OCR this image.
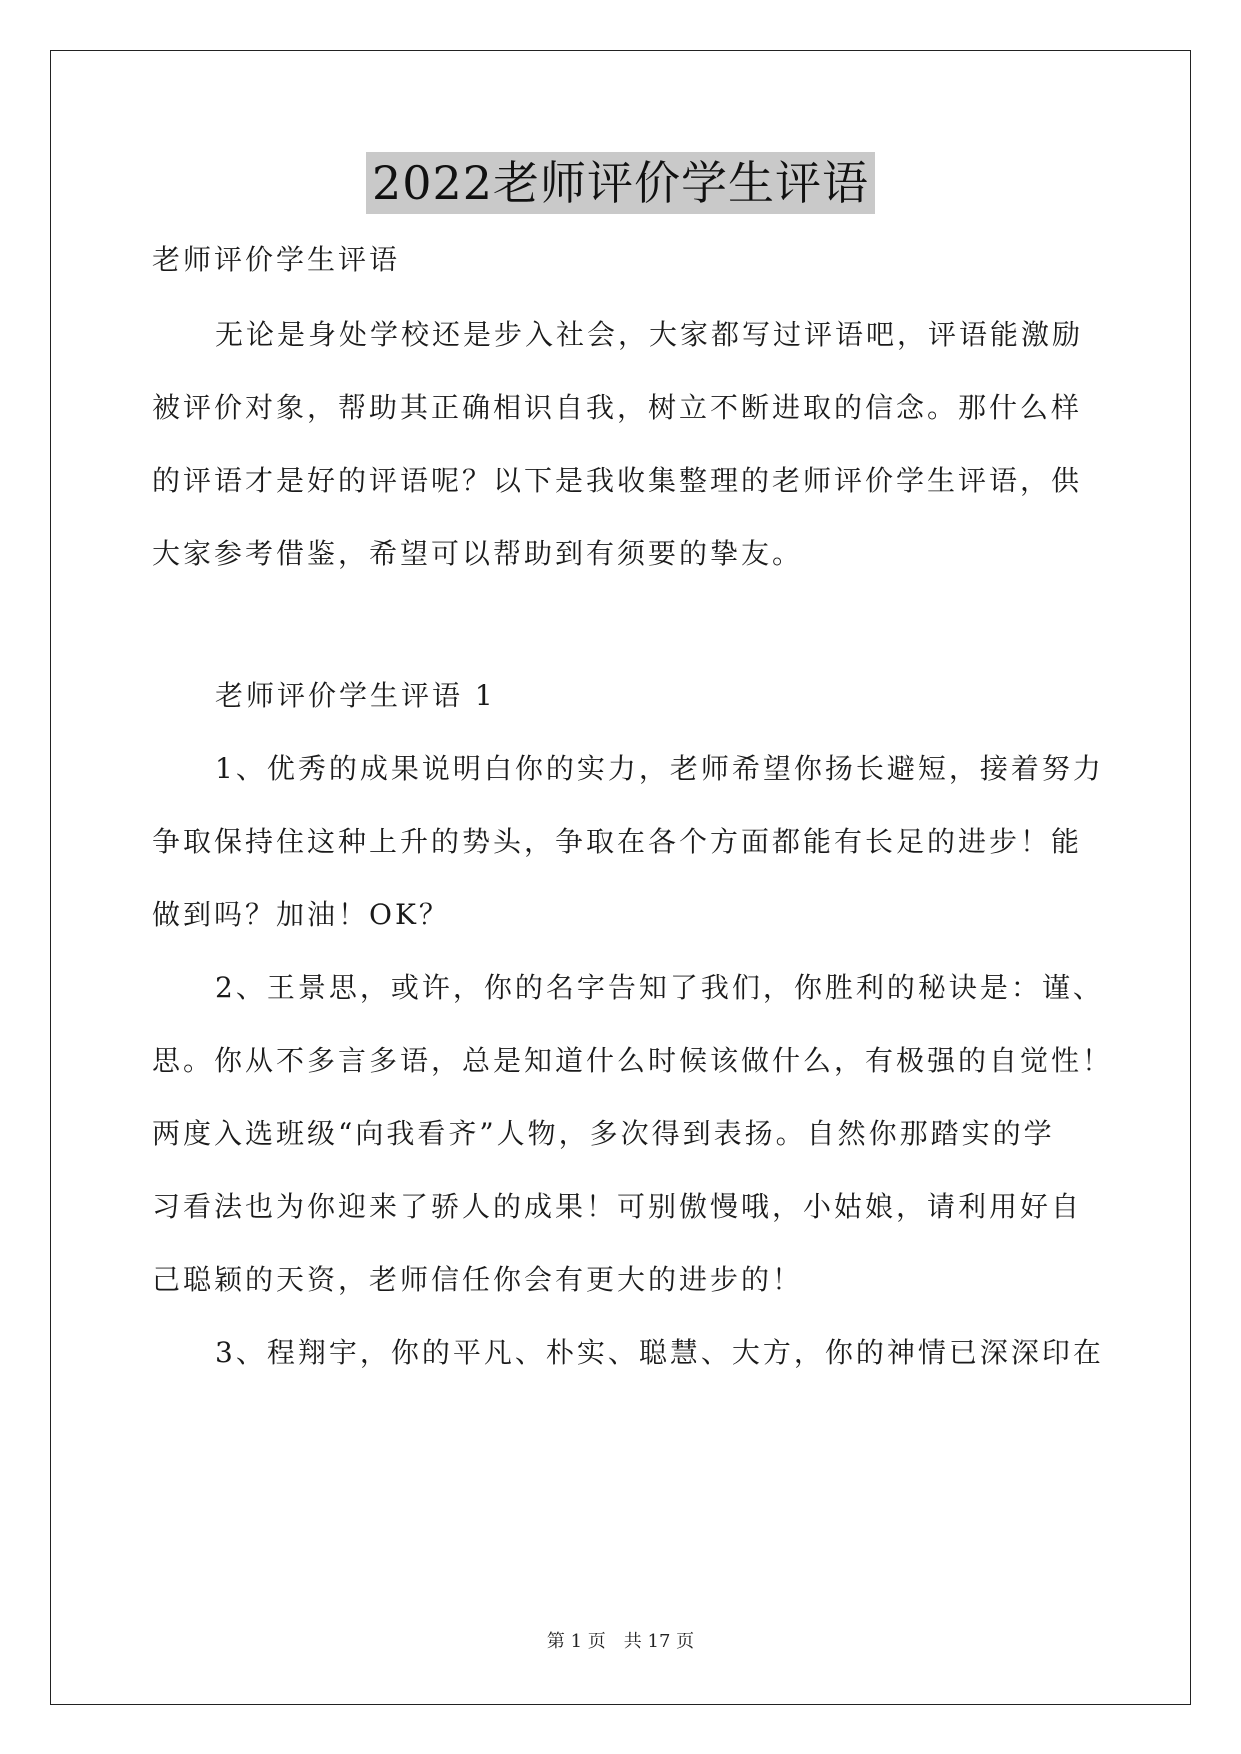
2022老师评价学生评语
老师评价学生评语
无论是身处学校还是步入社会，大家都写过评语吧，评语能激励
被评价对象，帮助其正确相识自我，树立不断进取的信念。那什么样
的评语才是好的评语呢？以下是我收集整理的老师评价学生评语，供
大家参考借鉴，希望可以帮助到有须要的挚友。
老师评价学生评语 1
1、优秀的成果说明白你的实力，老师希望你扬长避短，接着努力
争取保持住这种上升的势头，争取在各个方面都能有长足的进步！能
做到吗？加油！OK？
2、王景思，或许，你的名字告知了我们，你胜利的秘诀是：谨、
思。你从不多言多语，总是知道什么时候该做什么，有极强的自觉性！
两度入选班级“向我看齐”人物，多次得到表扬。自然你那踏实的学
习看法也为你迎来了骄人的成果！可别傲慢哦，小姑娘，请利用好自
己聪颖的天资，老师信任你会有更大的进步的！
3、程翔宇，你的平凡、朴实、聪慧、大方，你的神情已深深印在
第 1 页　共 17 页
